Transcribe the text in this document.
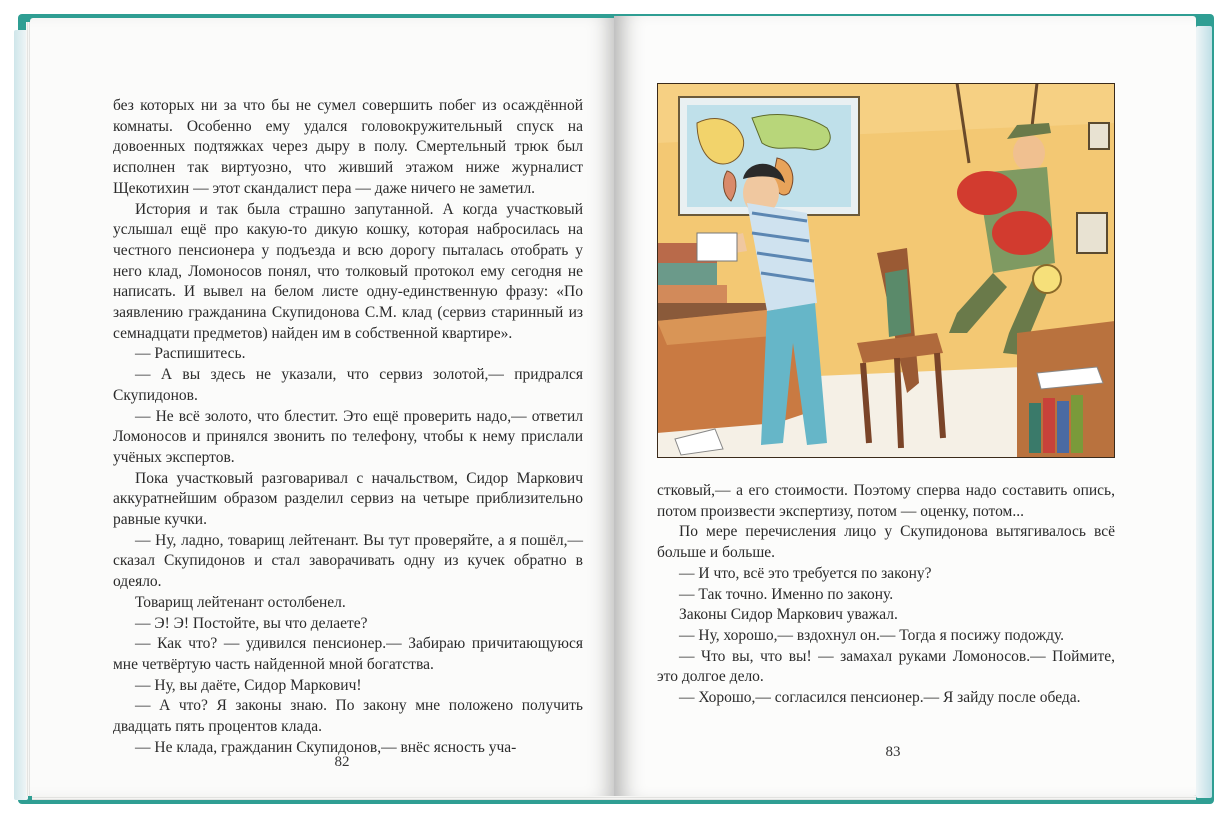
без которых ни за что бы не сумел совершить побег из осаждённой комнаты. Особенно ему удался головокружительный спуск на довоенных подтяжках через дыру в полу. Смертельный трюк был исполнен так виртуозно, что живший этажом ниже журналист Щекотихин — этот скандалист пера — даже ничего не заметил.

История и так была страшно запутанной. А когда участковый услышал ещё про какую-то дикую кошку, которая набросилась на честного пенсионера у подъезда и всю дорогу пыталась отобрать у него клад, Ломоносов понял, что толковый протокол ему сегодня не написать. И вывел на белом листе одну-единственную фразу: «По заявлению гражданина Скупидонова С.М. клад (сервиз старинный из семнадцати предметов) найден им в собственной квартире».

— Распишитесь.

— А вы здесь не указали, что сервиз золотой,— придрался Скупидонов.

— Не всё золото, что блестит. Это ещё проверить надо,— ответил Ломоносов и принялся звонить по телефону, чтобы к нему прислали учёных экспертов.

Пока участковый разговаривал с начальством, Сидор Маркович аккуратнейшим образом разделил сервиз на четыре приблизительно равные кучки.

— Ну, ладно, товарищ лейтенант. Вы тут проверяйте, а я пошёл,— сказал Скупидонов и стал заворачивать одну из кучек обратно в одеяло.

Товарищ лейтенант остолбенел.

— Э! Э! Постойте, вы что делаете?

— Как что? — удивился пенсионер.— Забираю причитающуюся мне четвёртую часть найденной мной богатства.

— Ну, вы даёте, Сидор Маркович!

— А что? Я законы знаю. По закону мне положено получить двадцать пять процентов клада.

— Не клада, гражданин Скупидонов,— внёс ясность уча-

82

стковый,— а его стоимости. Поэтому сперва надо составить опись, потом произвести экспертизу, потом — оценку, потом...

По мере перечисления лицо у Скупидонова вытягивалось всё больше и больше.

— И что, всё это требуется по закону?

— Так точно. Именно по закону.

Законы Сидор Маркович уважал.

— Ну, хорошо,— вздохнул он.— Тогда я посижу подожду.

— Что вы, что вы! — замахал руками Ломоносов.— Поймите, это долгое дело.

— Хорошо,— согласился пенсионер.— Я зайду после обеда.

83
